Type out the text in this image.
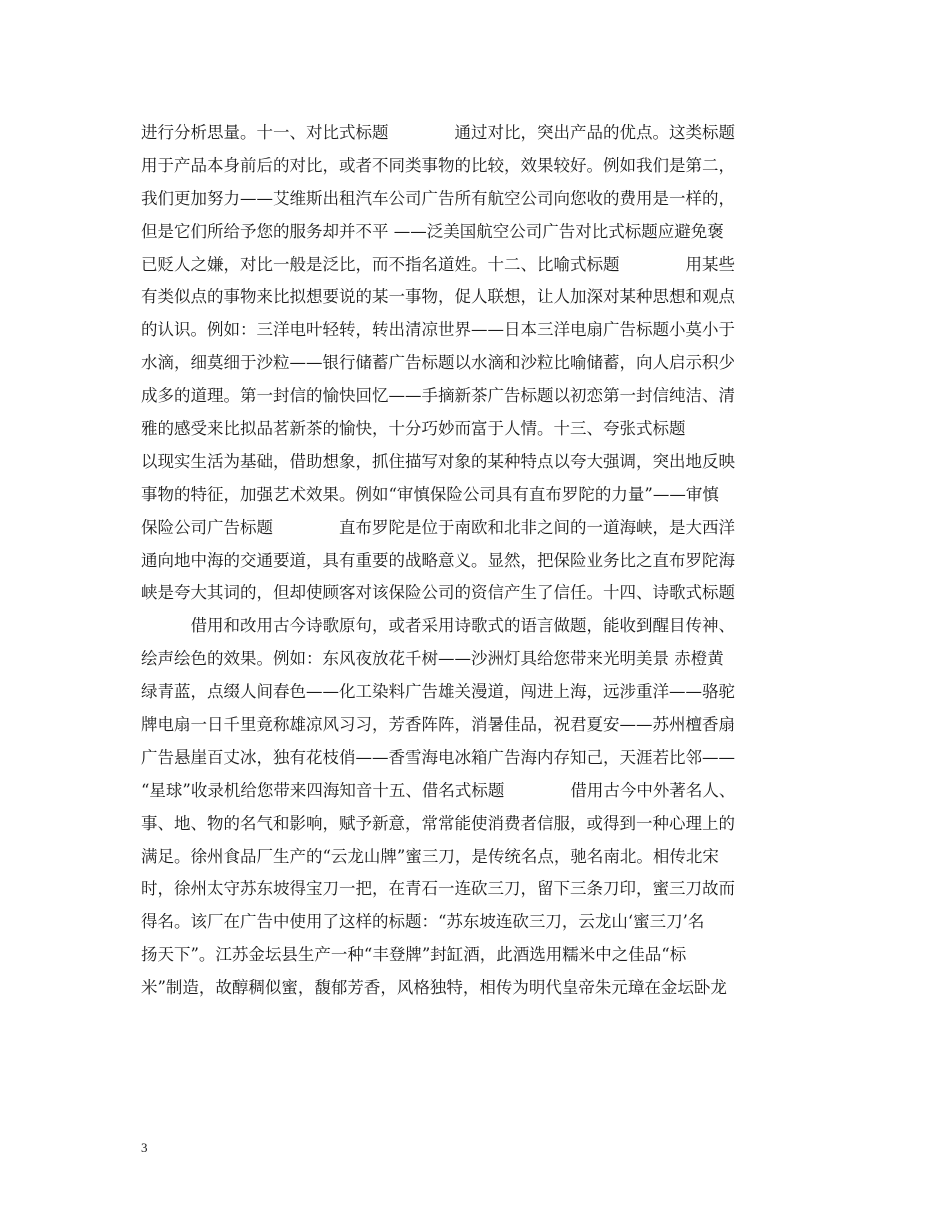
进行分析思量。十一、对比式标题　　　　通过对比，突出产品的优点。这类标题
用于产品本身前后的对比，或者不同类事物的比较，效果较好。例如我们是第二，
我们更加努力——艾维斯出租汽车公司广告所有航空公司向您收的费用是一样的，
但是它们所给予您的服务却并不平 ——泛美国航空公司广告对比式标题应避免褒
已贬人之嫌，对比一般是泛比，而不指名道姓。十二、比喻式标题　　　　用某些
有类似点的事物来比拟想要说的某一事物，促人联想，让人加深对某种思想和观点
的认识。例如：三洋电叶轻转，转出清凉世界——日本三洋电扇广告标题小莫小于
水滴，细莫细于沙粒——银行储蓄广告标题以水滴和沙粒比喻储蓄，向人启示积少
成多的道理。第一封信的愉快回忆——手摘新茶广告标题以初恋第一封信纯洁、清
雅的感受来比拟品茗新茶的愉快，十分巧妙而富于人情。十三、夸张式标题
以现实生活为基础，借助想象，抓住描写对象的某种特点以夸大强调，突出地反映
事物的特征，加强艺术效果。例如“审慎保险公司具有直布罗陀的力量”——审慎
保险公司广告标题　　　　直布罗陀是位于南欧和北非之间的一道海峡，是大西洋
通向地中海的交通要道，具有重要的战略意义。显然，把保险业务比之直布罗陀海
峡是夸大其词的，但却使顾客对该保险公司的资信产生了信任。十四、诗歌式标题
　　　借用和改用古今诗歌原句，或者采用诗歌式的语言做题，能收到醒目传神、
绘声绘色的效果。例如：东风夜放花千树——沙洲灯具给您带来光明美景 赤橙黄
绿青蓝，点缀人间春色——化工染料广告雄关漫道，闯进上海，远涉重洋——骆驼
牌电扇一日千里竟称雄凉风习习，芳香阵阵，消暑佳品，祝君夏安——苏州檀香扇
广告悬崖百丈冰，独有花枝俏——香雪海电冰箱广告海内存知己，天涯若比邻——
“星球”收录机给您带来四海知音十五、借名式标题　　　　借用古今中外著名人、
事、地、物的名气和影响，赋予新意，常常能使消费者信服，或得到一种心理上的
满足。徐州食品厂生产的“云龙山牌”蜜三刀，是传统名点，驰名南北。相传北宋
时，徐州太守苏东坡得宝刀一把，在青石一连砍三刀，留下三条刀印，蜜三刀故而
得名。该厂在广告中使用了这样的标题：“苏东坡连砍三刀，云龙山‘蜜三刀’名
扬天下”。江苏金坛县生产一种“丰登牌”封缸酒，此酒选用糯米中之佳品“标
米”制造，故醇稠似蜜，馥郁芳香，风格独特，相传为明代皇帝朱元璋在金坛卧龙
3
